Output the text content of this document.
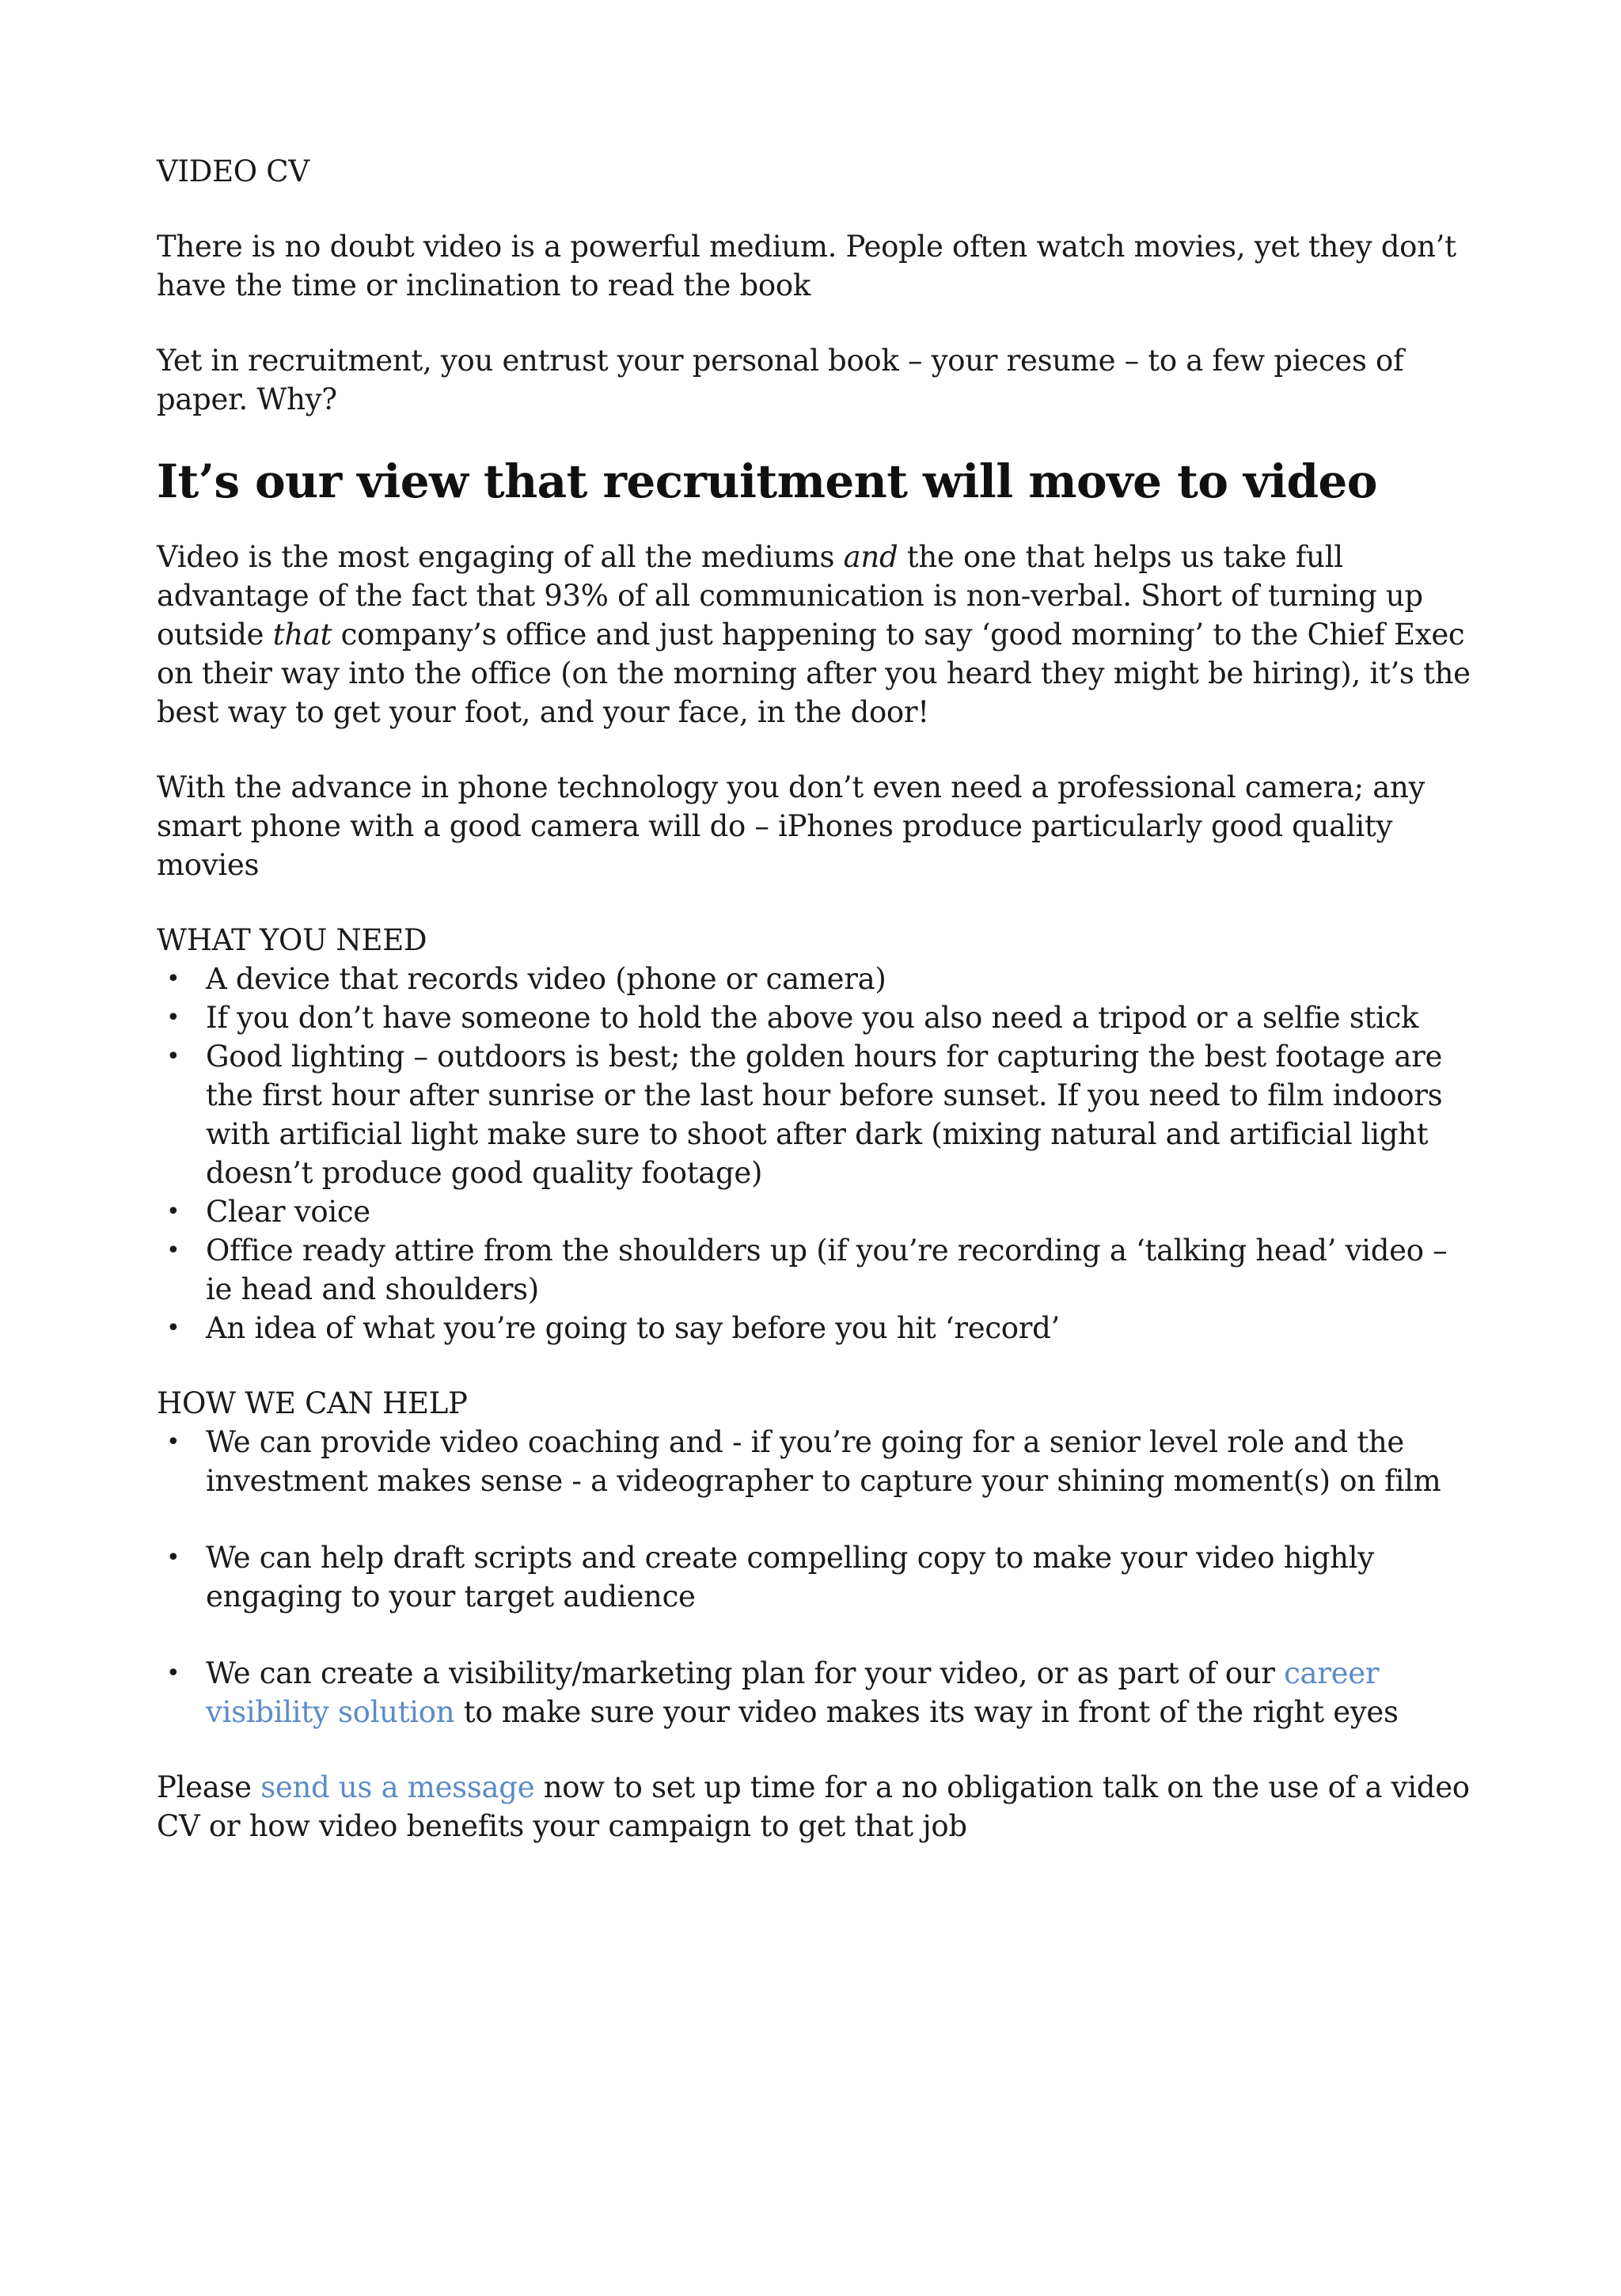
VIDEO CV

There is no doubt video is a powerful medium. People often watch movies, yet they don’t have the time or inclination to read the book

Yet in recruitment, you entrust your personal book – your resume – to a few pieces of paper. Why?

It’s our view that recruitment will move to video

Video is the most engaging of all the mediums and the one that helps us take full advantage of the fact that 93% of all communication is non-verbal. Short of turning up outside that company’s office and just happening to say ‘good morning’ to the Chief Exec on their way into the office (on the morning after you heard they might be hiring), it’s the best way to get your foot, and your face, in the door!

With the advance in phone technology you don’t even need a professional camera; any smart phone with a good camera will do – iPhones produce particularly good quality movies

WHAT YOU NEED

• A device that records video (phone or camera)
• If you don’t have someone to hold the above you also need a tripod or a selfie stick
• Good lighting – outdoors is best; the golden hours for capturing the best footage are the first hour after sunrise or the last hour before sunset. If you need to film indoors with artificial light make sure to shoot after dark (mixing natural and artificial light doesn’t produce good quality footage)
• Clear voice
• Office ready attire from the shoulders up (if you’re recording a ‘talking head’ video – ie head and shoulders)
• An idea of what you’re going to say before you hit ‘record’

HOW WE CAN HELP

• We can provide video coaching and - if you’re going for a senior level role and the investment makes sense - a videographer to capture your shining moment(s) on film
• We can help draft scripts and create compelling copy to make your video highly engaging to your target audience
• We can create a visibility/marketing plan for your video, or as part of our career visibility solution to make sure your video makes its way in front of the right eyes

Please send us a message now to set up time for a no obligation talk on the use of a video CV or how video benefits your campaign to get that job
